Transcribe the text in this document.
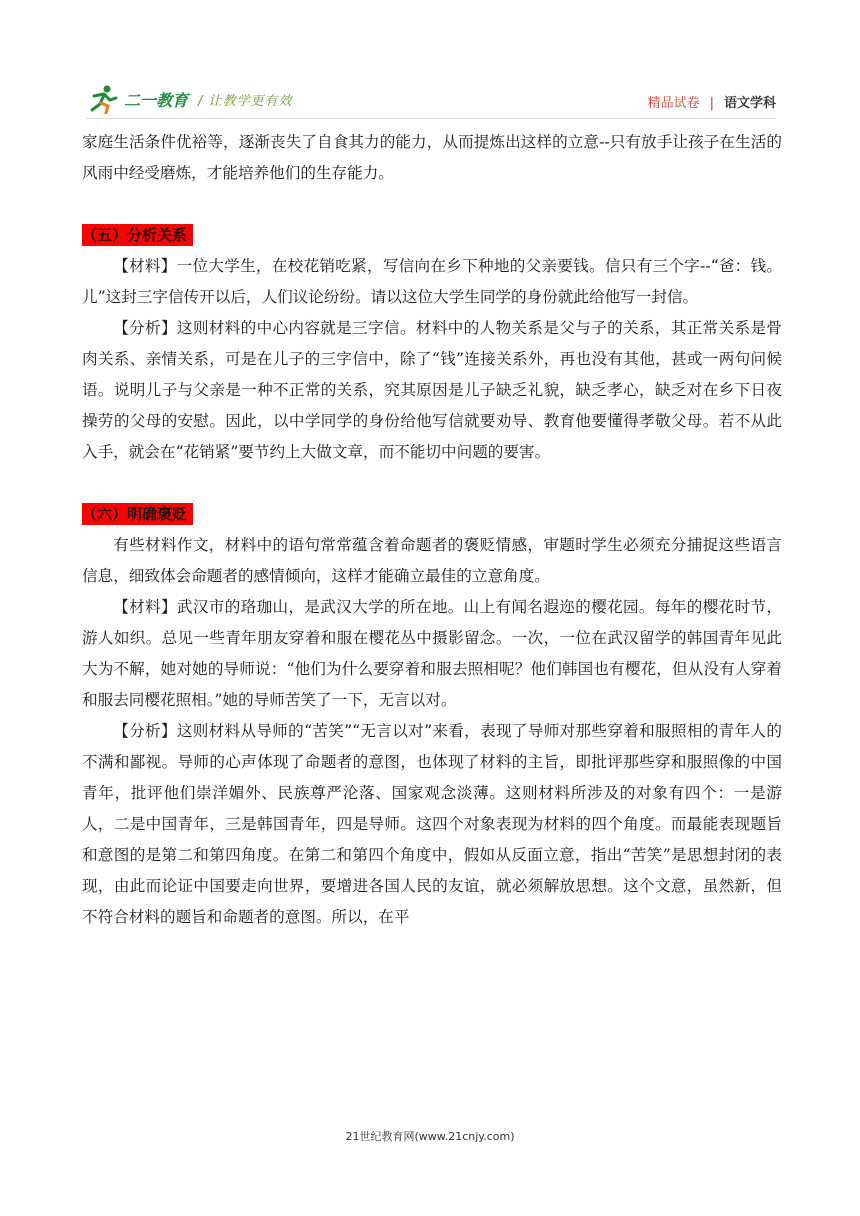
二一教育 / 让教学更有效	精品试卷 | 语文学科

家庭生活条件优裕等，逐渐丧失了自食其力的能力，从而提炼出这样的立意--只有放手让孩子在生活的风雨中经受磨炼，才能培养他们的生存能力。

（五）分析关系

【材料】一位大学生，在校花销吃紧，写信向在乡下种地的父亲要钱。信只有三个字--“爸：钱。儿”这封三字信传开以后，人们议论纷纷。请以这位大学生同学的身份就此给他写一封信。

【分析】这则材料的中心内容就是三字信。材料中的人物关系是父与子的关系，其正常关系是骨肉关系、亲情关系，可是在儿子的三字信中，除了“钱”连接关系外，再也没有其他，甚或一两句问候语。说明儿子与父亲是一种不正常的关系，究其原因是儿子缺乏礼貌，缺乏孝心，缺乏对在乡下日夜操劳的父母的安慰。因此，以中学同学的身份给他写信就要劝导、教育他要懂得孝敬父母。若不从此入手，就会在“花销紧”要节约上大做文章，而不能切中问题的要害。

（六）明确褒贬

有些材料作文，材料中的语句常常蕴含着命题者的褒贬情感，审题时学生必须充分捕捉这些语言信息，细致体会命题者的感情倾向，这样才能确立最佳的立意角度。

【材料】武汉市的珞珈山，是武汉大学的所在地。山上有闻名遐迩的樱花园。每年的樱花时节，游人如织。总见一些青年朋友穿着和服在樱花丛中摄影留念。一次，一位在武汉留学的韩国青年见此大为不解，她对她的导师说：“他们为什么要穿着和服去照相呢？他们韩国也有樱花，但从没有人穿着和服去同樱花照相。”她的导师苦笑了一下，无言以对。

【分析】这则材料从导师的“苦笑”“无言以对”来看，表现了导师对那些穿着和服照相的青年人的不满和鄙视。导师的心声体现了命题者的意图，也体现了材料的主旨，即批评那些穿和服照像的中国青年，批评他们崇洋媚外、民族尊严沦落、国家观念淡薄。这则材料所涉及的对象有四个：一是游人，二是中国青年，三是韩国青年，四是导师。这四个对象表现为材料的四个角度。而最能表现题旨和意图的是第二和第四角度。在第二和第四个角度中，假如从反面立意，指出“苦笑”是思想封闭的表现，由此而论证中国要走向世界，要增进各国人民的友谊，就必须解放思想。这个文意，虽然新，但不符合材料的题旨和命题者的意图。所以，在平

21世纪教育网(www.21cnjy.com)
